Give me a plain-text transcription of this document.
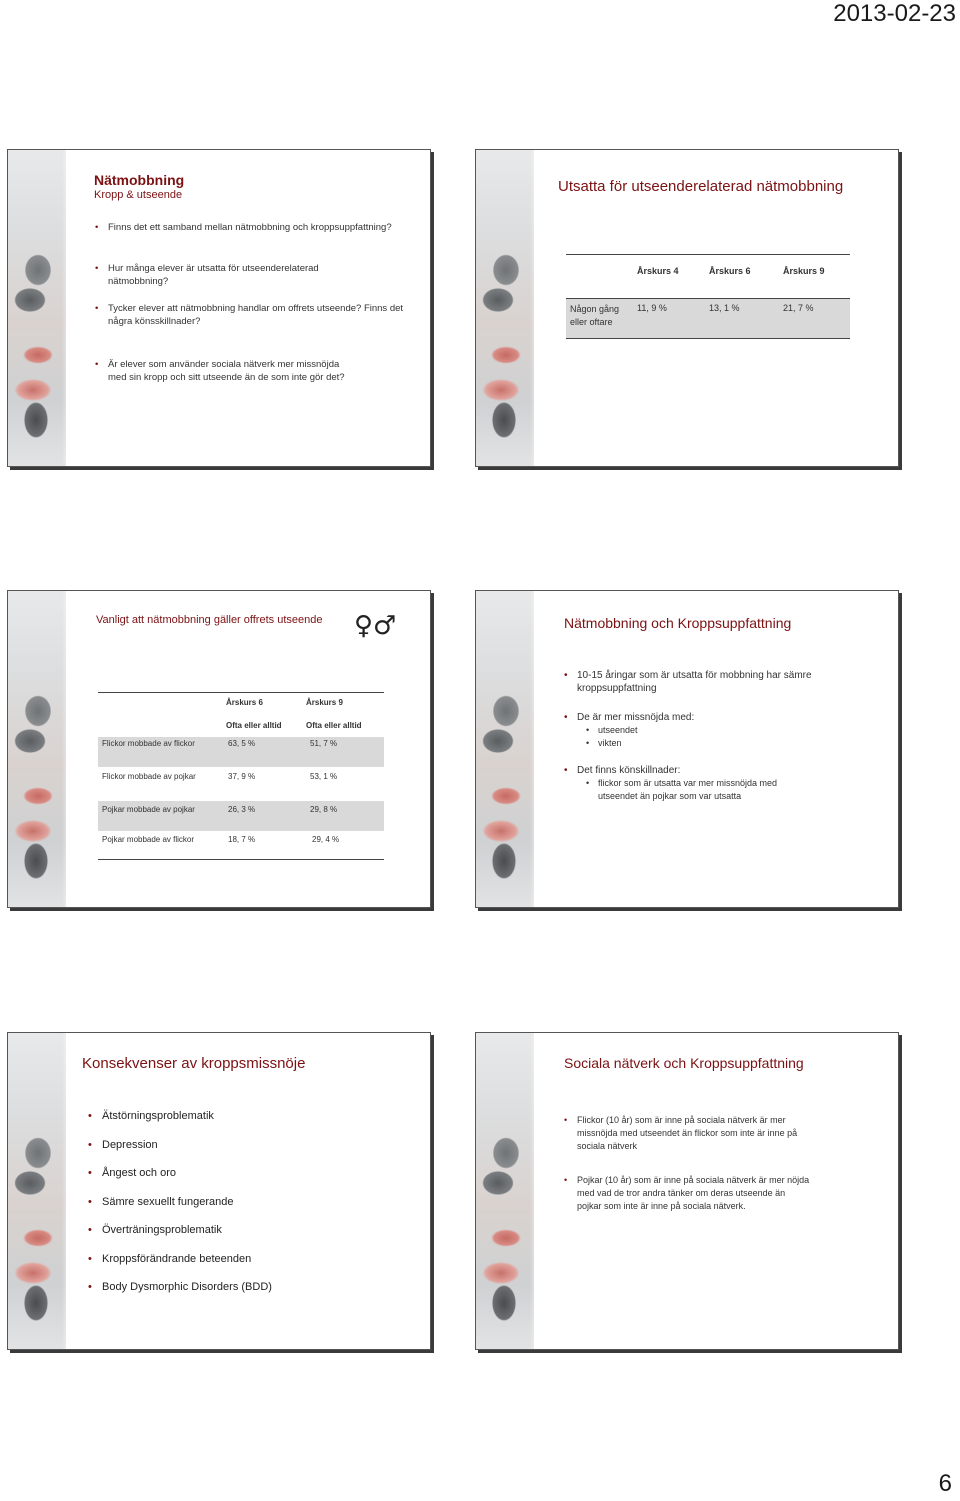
2013-02-23
Nätmobbning
Kropp & utseende
• Finns det ett samband mellan nätmobbning och kroppsuppfattning?
• Hur många elever är utsatta för utseenderelaterad nätmobbning?
• Tycker elever att nätmobbning handlar om offrets utseende? Finns det några könsskillnader?
• Är elever som använder sociala nätverk mer missnöjda med sin kropp och sitt utseende än de som inte gör det?
Utsatta för utseenderelaterad nätmobbning
	Årskurs 4	Årskurs 6	Årskurs 9

Någon gång eller oftare	11, 9 %	13, 1 %	21, 7 %
Vanligt att nätmobbning gäller offrets utseende ♀♂
Årskurs 6	Årskurs 9
Ofta eller alltid	Ofta eller alltid
Flickor mobbade av flickor	63, 5 %	51, 7 %
Flickor mobbade av pojkar	37, 9 %	53, 1 %
Pojkar mobbade av pojkar	26, 3 %	29, 8 %
Pojkar mobbade av flickor	18, 7 %	29, 4 %
Nätmobbning och Kroppsuppfattning
• 10-15 åringar som är utsatta för mobbning har sämre kroppsuppfattning
• De är mer missnöjda med:
• utseendet
• vikten
• Det finns könskillnader:
• flickor som är utsatta var mer missnöjda med utseendet än pojkar som var utsatta
Konsekvenser av kroppsmissnöje
• Ätstörningsproblematik
• Depression
• Ångest och oro
• Sämre sexuellt fungerande
• Överträningsproblematik
• Kroppsförändrande beteenden
• Body Dysmorphic Disorders (BDD)
Sociala nätverk och Kroppsuppfattning
• Flickor (10 år) som är inne på sociala nätverk är mer missnöjda med utseendet än flickor som inte är inne på sociala nätverk
• Pojkar (10 år) som är inne på sociala nätverk är mer nöjda med vad de tror andra tänker om deras utseende än pojkar som inte är inne på sociala nätverk.
6
